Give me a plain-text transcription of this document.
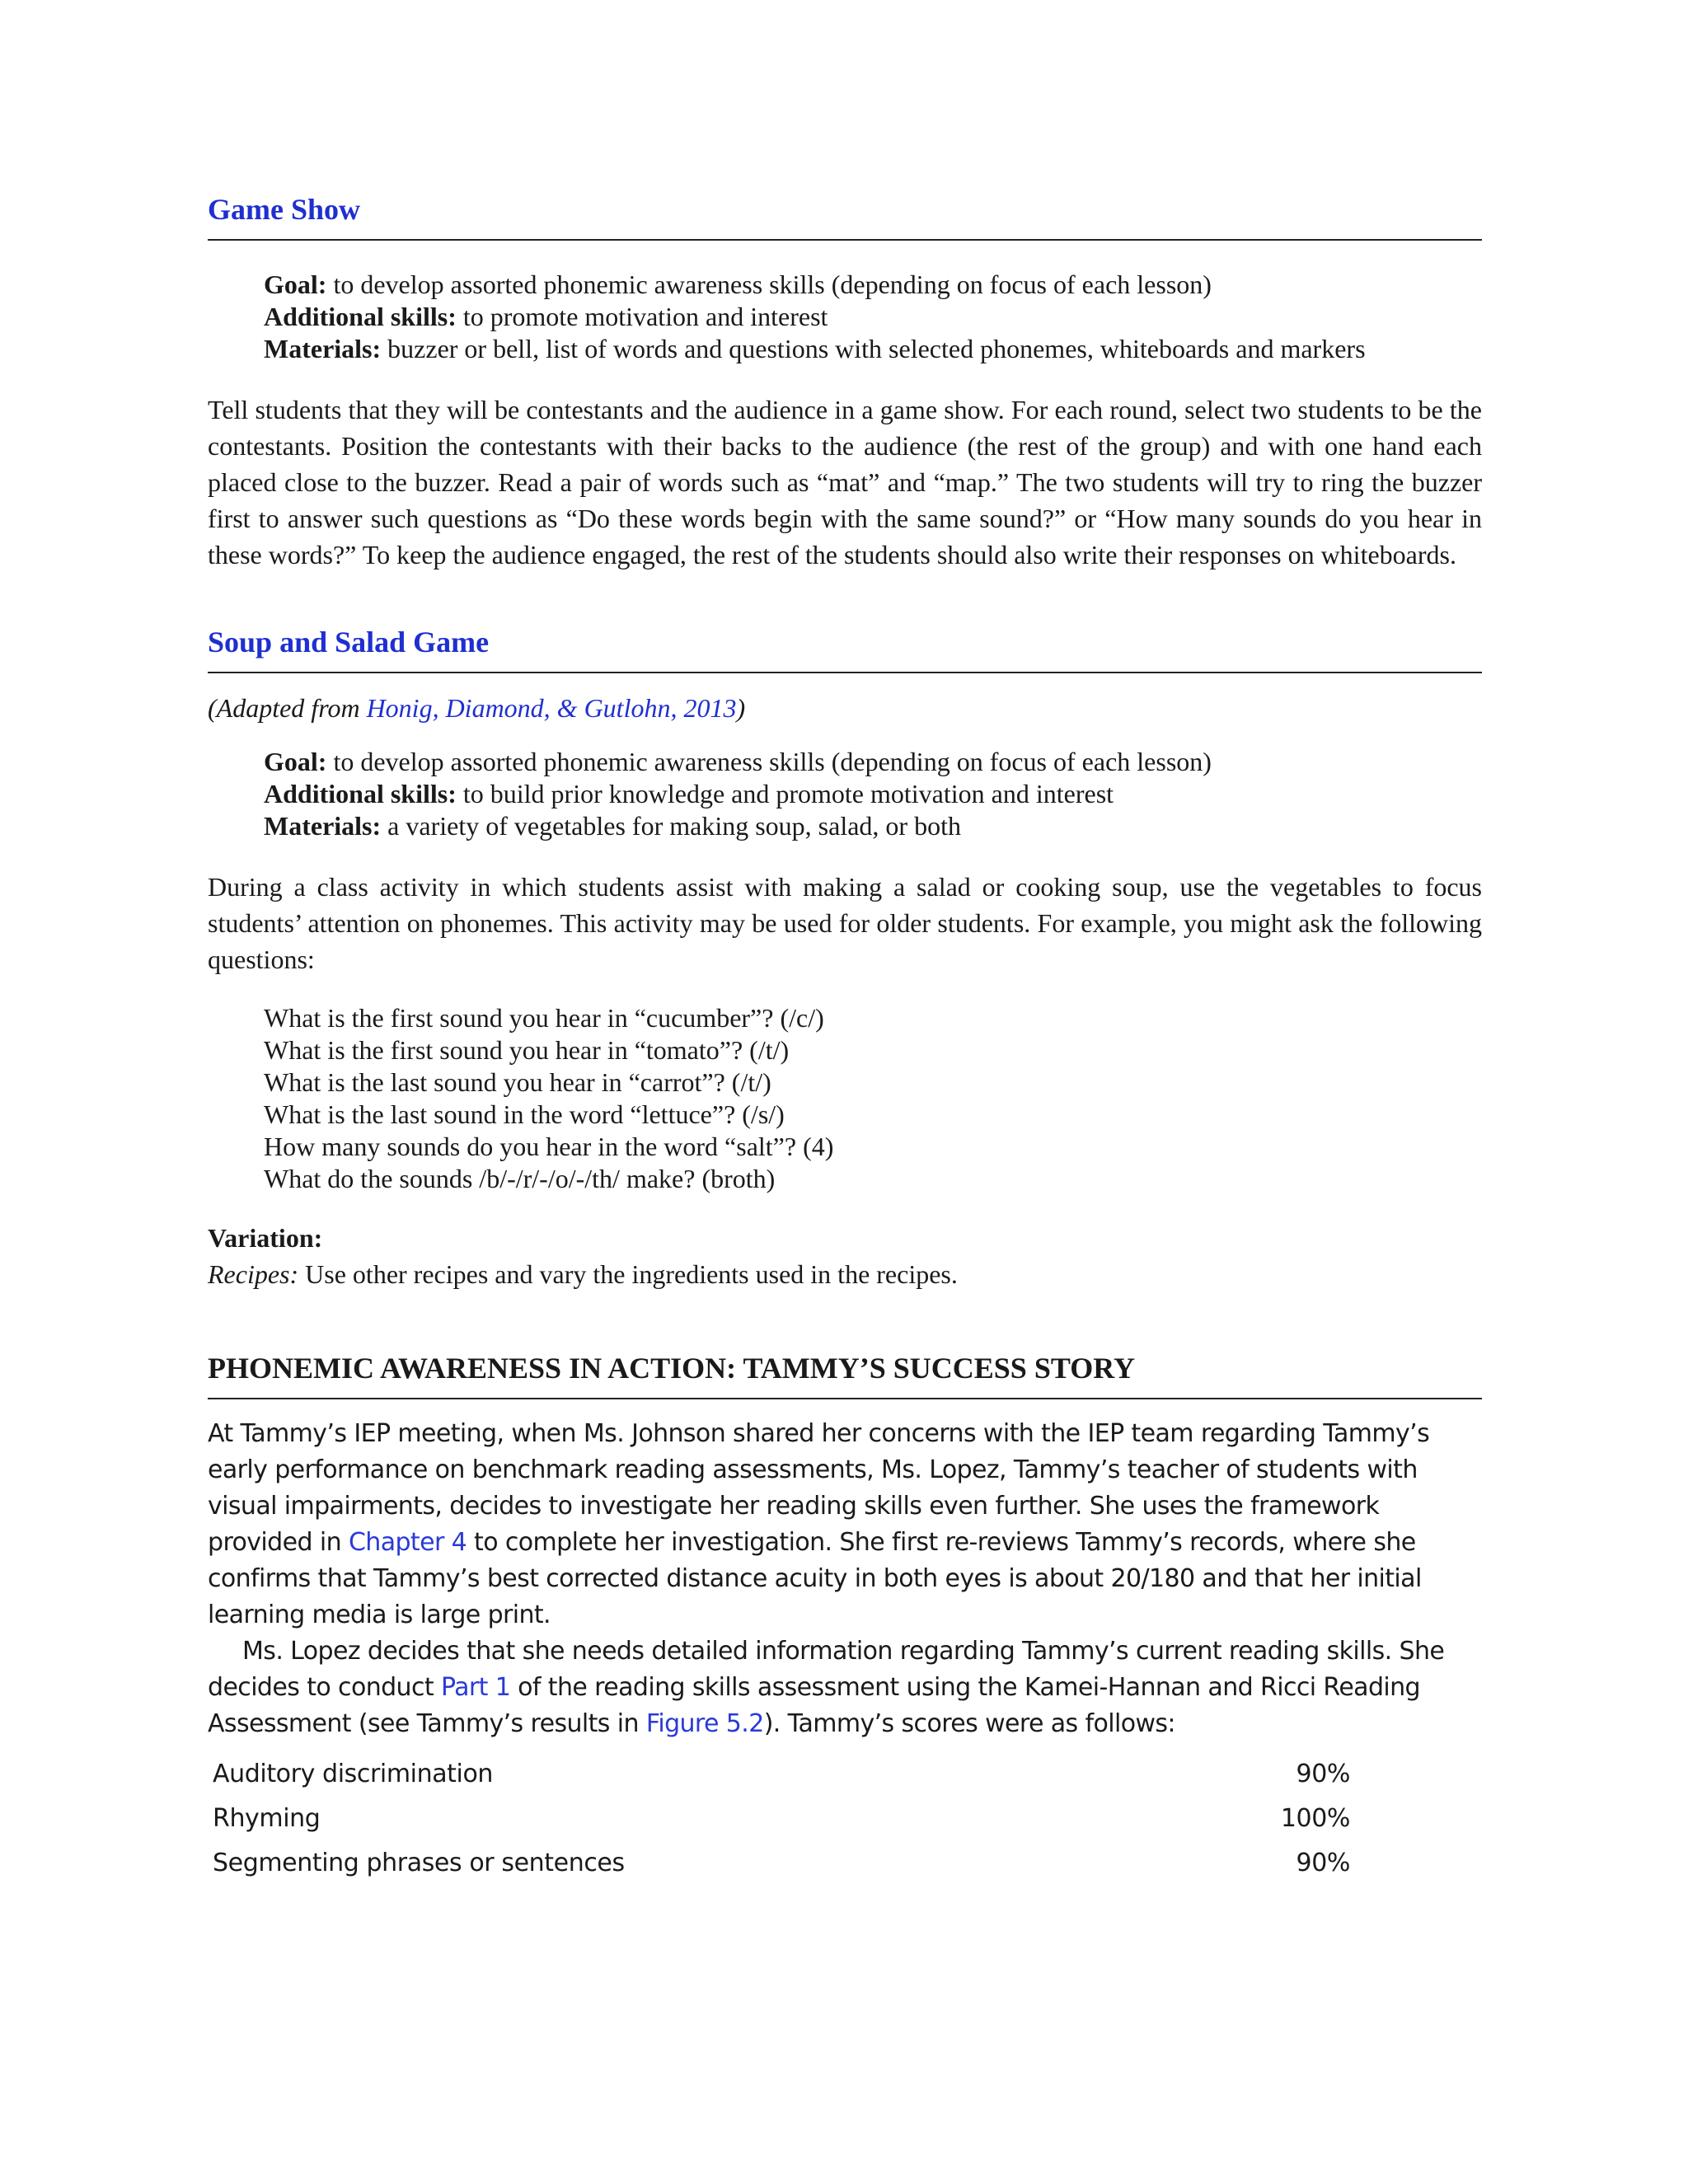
Game Show
Goal: to develop assorted phonemic awareness skills (depending on focus of each lesson)
Additional skills: to promote motivation and interest
Materials: buzzer or bell, list of words and questions with selected phonemes, whiteboards and markers

Tell students that they will be contestants and the audience in a game show. For each round, select two students to be the contestants. Position the contestants with their backs to the audience (the rest of the group) and with one hand each placed close to the buzzer. Read a pair of words such as “mat” and “map.” The two students will try to ring the buzzer first to answer such questions as “Do these words begin with the same sound?” or “How many sounds do you hear in these words?” To keep the audience engaged, the rest of the students should also write their responses on whiteboards.

Soup and Salad Game
(Adapted from Honig, Diamond, & Gutlohn, 2013)
Goal: to develop assorted phonemic awareness skills (depending on focus of each lesson)
Additional skills: to build prior knowledge and promote motivation and interest
Materials: a variety of vegetables for making soup, salad, or both

During a class activity in which students assist with making a salad or cooking soup, use the vegetables to focus students’ attention on phonemes. This activity may be used for older students. For example, you might ask the following questions:

What is the first sound you hear in “cucumber”? (/c/)
What is the first sound you hear in “tomato”? (/t/)
What is the last sound you hear in “carrot”? (/t/)
What is the last sound in the word “lettuce”? (/s/)
How many sounds do you hear in the word “salt”? (4)
What do the sounds /b/-/r/-/o/-/th/ make? (broth)
Variation:
Recipes: Use other recipes and vary the ingredients used in the recipes.
PHONEMIC AWARENESS IN ACTION: TAMMY’S SUCCESS STORY

At Tammy’s IEP meeting, when Ms. Johnson shared her concerns with the IEP team regarding Tammy’s early performance on benchmark reading assessments, Ms. Lopez, Tammy’s teacher of students with visual impairments, decides to investigate her reading skills even further. She uses the framework provided in Chapter 4 to complete her investigation. She first re-reviews Tammy’s records, where she confirms that Tammy’s best corrected distance acuity in both eyes is about 20/180 and that her initial learning media is large print.

Ms. Lopez decides that she needs detailed information regarding Tammy’s current reading skills. She decides to conduct Part 1 of the reading skills assessment using the Kamei-Hannan and Ricci Reading Assessment (see Tammy’s results in Figure 5.2). Tammy’s scores were as follows:

Auditory discrimination	90%
Rhyming	100%
Segmenting phrases or sentences	90%
